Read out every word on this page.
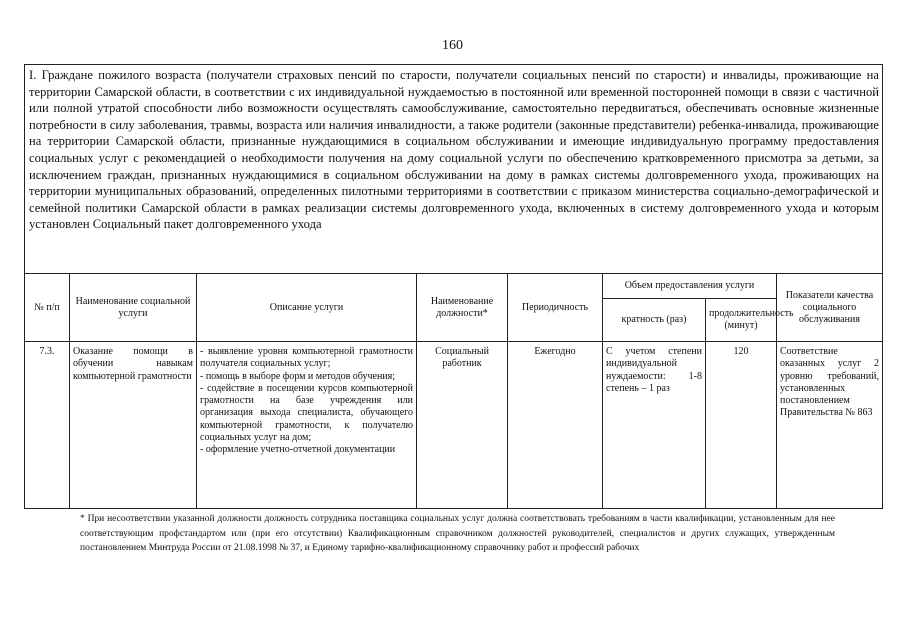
160
I. Граждане пожилого возраста (получатели страховых пенсий по старости, получатели социальных пенсий по старости) и инвалиды, проживающие на территории Самарской области, в соответствии с их индивидуальной нуждаемостью в постоянной или временной посторонней помощи в связи с частичной или полной утратой способности либо возможности осуществлять самообслуживание, самостоятельно передвигаться, обеспечивать основные жизненные потребности в силу заболевания, травмы, возраста или наличия инвалидности, а также родители (законные представители) ребенка-инвалида, проживающие на территории Самарской области, признанные нуждающимися в социальном обслуживании и имеющие индивидуальную программу предоставления социальных услуг с рекомендацией о необходимости получения на дому социальной услуги по обеспечению кратковременного присмотра за детьми, за исключением граждан, признанных нуждающимися в социальном обслуживании на дому в рамках системы долговременного ухода, проживающих на территории муниципальных образований, определенных пилотными территориями в соответствии с приказом министерства социально-демографической и семейной политики Самарской области в рамках реализации системы долговременного ухода, включенных в систему долговременного ухода и которым установлен Социальный пакет долговременного ухода							
№ п/п	Наименование социальной услуги	Описание услуги	Наименование должности*	Периодичность	Объем предоставления услуги		Показатели качества социального обслуживания
					кратность (раз)	продолжительность (минут)	
7.3.	Оказание помощи в обучении навыкам компьютерной грамотности	- выявление уровня компьютерной грамотности получателя социальных услуг;
- помощь в выборе форм и методов обучения;
- содействие в посещении курсов компьютерной грамотности на базе учреждения или организация выхода специалиста, обучающего компьютерной грамотности, к получателю социальных услуг на дом;
- оформление учетно-отчетной документации	Социальный работник	Ежегодно	С учетом степени индивидуальной нуждаемости: 1-8 степень – 1 раз	120	Соответствие оказанных услуг 2 уровню требований, установленных постановлением Правительства № 863
* При несоответствии указанной должности должность сотрудника поставщика социальных услуг должна соответствовать требованиям в части квалификации, установленным для нее соответствующим профстандартом или (при его отсутствии) Квалификационным справочником должностей руководителей, специалистов и других служащих, утвержденным постановлением Минтруда России от 21.08.1998 № 37, и Единому тарифно-квалификационному справочнику работ и профессий рабочих
